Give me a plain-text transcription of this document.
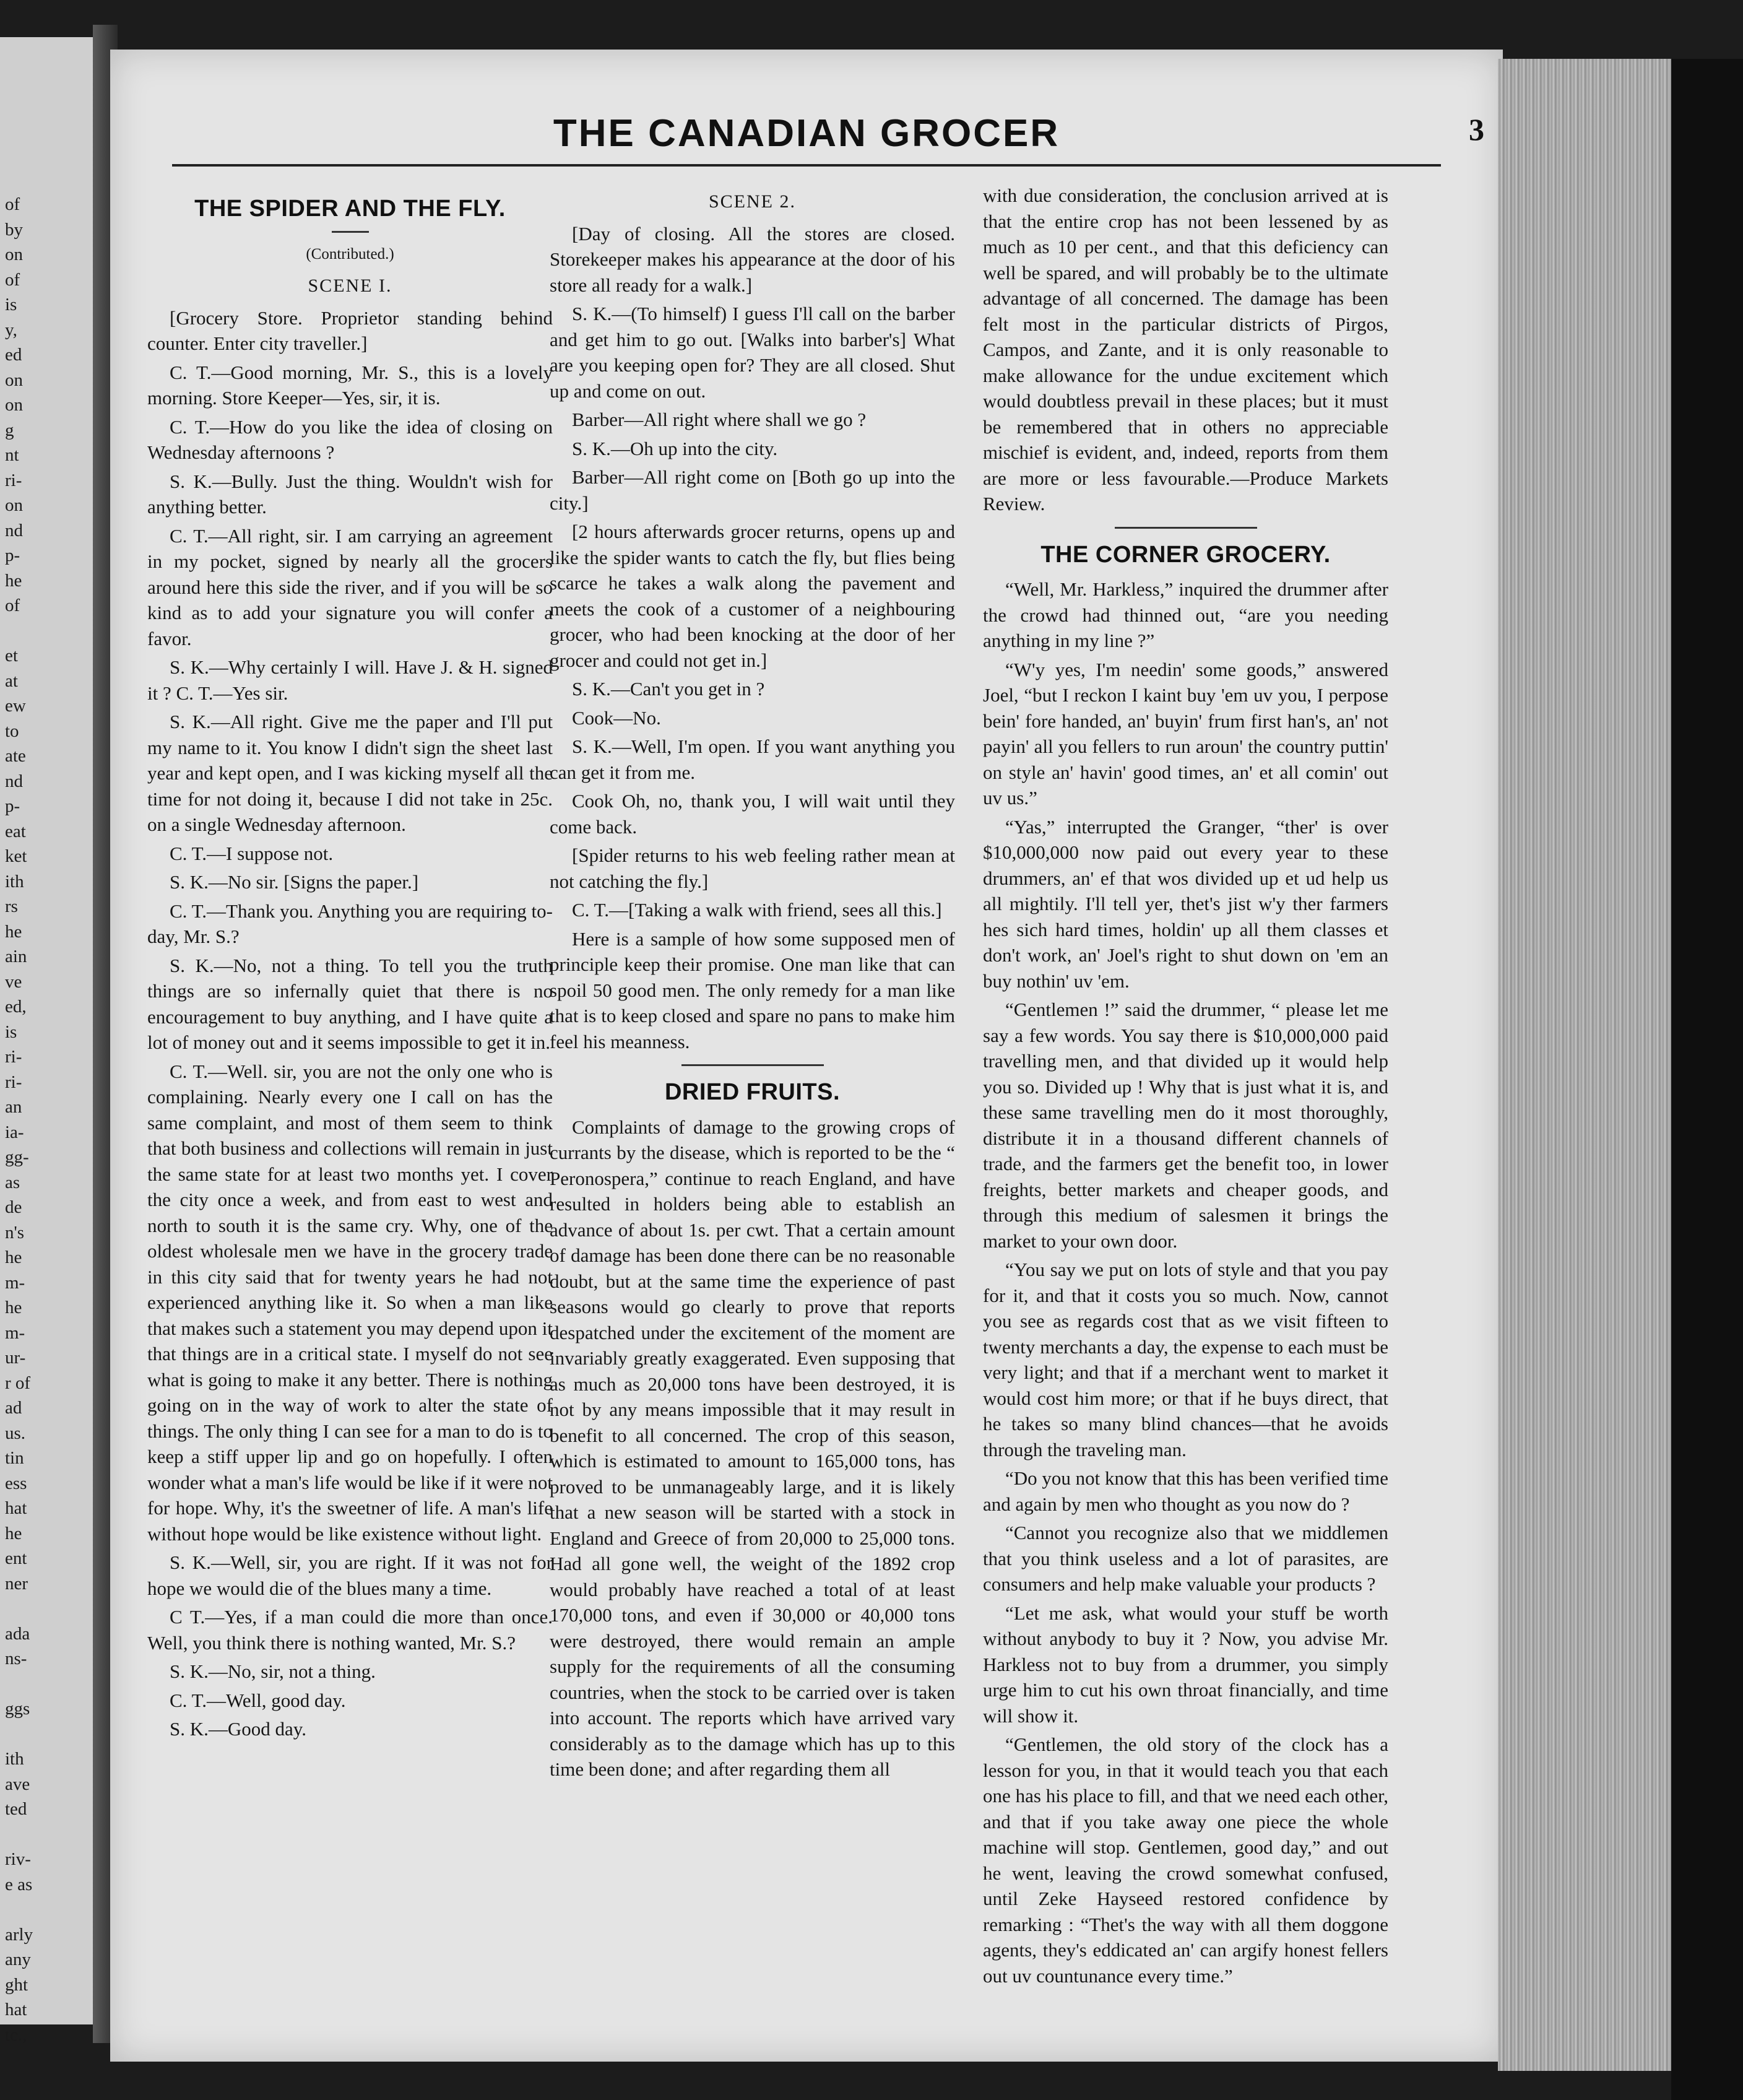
of
by
on
of
is
y,
ed
on
on
g
nt
ri-
on
nd
p-
he
of
et
at
ew
to
ate
nd
p-
eat
ket
ith
rs
he
ain
ve
ed,
is
ri-
ri-
an
ia-
gg-
as
de
n's
he
m-
he
m-
ur-
r of
ad
us.
tin
ess
hat
he
ent
ner
ada
ns-
ggs
ith
ave
ted
riv-
e as
arly
any
ght
hat
tc.,
THE CANADIAN GROCER	3
THE SPIDER AND THE FLY.

(Contributed.)

SCENE I.

[Grocery Store. Proprietor standing behind counter. Enter city traveller.]

C. T.—Good morning, Mr. S., this is a lovely morning. Store Keeper—Yes, sir, it is.

C. T.—How do you like the idea of closing on Wednesday afternoons ?

S. K.—Bully. Just the thing. Wouldn't wish for anything better.

C. T.—All right, sir. I am carrying an agreement in my pocket, signed by nearly all the grocers around here this side the river, and if you will be so kind as to add your signature you will confer a favor.

S. K.—Why certainly I will. Have J. & H. signed it ? C. T.—Yes sir.

S. K.—All right. Give me the paper and I'll put my name to it. You know I didn't sign the sheet last year and kept open, and I was kicking myself all the time for not doing it, because I did not take in 25c. on a single Wednesday afternoon.

C. T.—I suppose not.

S. K.—No sir. [Signs the paper.]

C. T.—Thank you. Anything you are requiring to-day, Mr. S.?

S. K.—No, not a thing. To tell you the truth things are so infernally quiet that there is no encouragement to buy anything, and I have quite a lot of money out and it seems impossible to get it in.

C. T.—Well. sir, you are not the only one who is complaining. Nearly every one I call on has the same complaint, and most of them seem to think that both business and collections will remain in just the same state for at least two months yet. I cover the city once a week, and from east to west and north to south it is the same cry. Why, one of the oldest wholesale men we have in the grocery trade in this city said that for twenty years he had not experienced anything like it. So when a man like that makes such a statement you may depend upon it that things are in a critical state. I myself do not see what is going to make it any better. There is nothing going on in the way of work to alter the state of things. The only thing I can see for a man to do is to keep a stiff upper lip and go on hopefully. I often wonder what a man's life would be like if it were not for hope. Why, it's the sweetner of life. A man's life without hope would be like existence without light.

S. K.—Well, sir, you are right. If it was not for hope we would die of the blues many a time.

C T.—Yes, if a man could die more than once. Well, you think there is nothing wanted, Mr. S.?

S. K.—No, sir, not a thing.

C. T.—Well, good day.

S. K.—Good day.

SCENE 2.

[Day of closing. All the stores are closed. Storekeeper makes his appearance at the door of his store all ready for a walk.]

S. K.—(To himself) I guess I'll call on the barber and get him to go out. [Walks into barber's] What are you keeping open for? They are all closed. Shut up and come on out.

Barber—All right where shall we go ?

S. K.—Oh up into the city.

Barber—All right come on [Both go up into the city.]

[2 hours afterwards grocer returns, opens up and like the spider wants to catch the fly, but flies being scarce he takes a walk along the pavement and meets the cook of a customer of a neighbouring grocer, who had been knocking at the door of her grocer and could not get in.]

S. K.—Can't you get in ?

Cook—No.

S. K.—Well, I'm open. If you want anything you can get it from me.

Cook Oh, no, thank you, I will wait until they come back.

[Spider returns to his web feeling rather mean at not catching the fly.]

C. T.—[Taking a walk with friend, sees all this.]

Here is a sample of how some supposed men of principle keep their promise. One man like that can spoil 50 good men. The only remedy for a man like that is to keep closed and spare no pans to make him feel his meanness.

DRIED FRUITS.

Complaints of damage to the growing crops of currants by the disease, which is reported to be the “ Peronospera,” continue to reach England, and have resulted in holders being able to establish an advance of about 1s. per cwt. That a certain amount of damage has been done there can be no reasonable doubt, but at the same time the experience of past seasons would go clearly to prove that reports despatched under the excitement of the moment are invariably greatly exaggerated. Even supposing that as much as 20,000 tons have been destroyed, it is not by any means impossible that it may result in benefit to all concerned. The crop of this season, which is estimated to amount to 165,000 tons, has proved to be unmanageably large, and it is likely that a new season will be started with a stock in England and Greece of from 20,000 to 25,000 tons. Had all gone well, the weight of the 1892 crop would probably have reached a total of at least 170,000 tons, and even if 30,000 or 40,000 tons were destroyed, there would remain an ample supply for the requirements of all the consuming countries, when the stock to be carried over is taken into account. The reports which have arrived vary considerably as to the damage which has up to this time been done; and after regarding them all

with due consideration, the conclusion arrived at is that the entire crop has not been lessened by as much as 10 per cent., and that this deficiency can well be spared, and will probably be to the ultimate advantage of all concerned. The damage has been felt most in the particular districts of Pirgos, Campos, and Zante, and it is only reasonable to make allowance for the undue excitement which would doubtless prevail in these places; but it must be remembered that in others no appreciable mischief is evident, and, indeed, reports from them are more or less favourable.—Produce Markets Review.

THE CORNER GROCERY.

“Well, Mr. Harkless,” inquired the drummer after the crowd had thinned out, “are you needing anything in my line ?”

“W'y yes, I'm needin' some goods,” answered Joel, “but I reckon I kaint buy 'em uv you, I perpose bein' fore handed, an' buyin' frum first han's, an' not payin' all you fellers to run aroun' the country puttin' on style an' havin' good times, an' et all comin' out uv us.”

“Yas,” interrupted the Granger, “ther' is over $10,000,000 now paid out every year to these drummers, an' ef that wos divided up et ud help us all mightily. I'll tell yer, thet's jist w'y ther farmers hes sich hard times, holdin' up all them classes et don't work, an' Joel's right to shut down on 'em an buy nothin' uv 'em.

“Gentlemen !” said the drummer, “ please let me say a few words. You say there is $10,000,000 paid travelling men, and that divided up it would help you so. Divided up ! Why that is just what it is, and these same travelling men do it most thoroughly, distribute it in a thousand different channels of trade, and the farmers get the benefit too, in lower freights, better markets and cheaper goods, and through this medium of salesmen it brings the market to your own door.

“You say we put on lots of style and that you pay for it, and that it costs you so much. Now, cannot you see as regards cost that as we visit fifteen to twenty merchants a day, the expense to each must be very light; and that if a merchant went to market it would cost him more; or that if he buys direct, that he takes so many blind chances—that he avoids through the traveling man.

“Do you not know that this has been verified time and again by men who thought as you now do ?

“Cannot you recognize also that we middlemen that you think useless and a lot of parasites, are consumers and help make valuable your products ?

“Let me ask, what would your stuff be worth without anybody to buy it ? Now, you advise Mr. Harkless not to buy from a drummer, you simply urge him to cut his own throat financially, and time will show it.

“Gentlemen, the old story of the clock has a lesson for you, in that it would teach you that each one has his place to fill, and that we need each other, and that if you take away one piece the whole machine will stop. Gentlemen, good day,” and out he went, leaving the crowd somewhat confused, until Zeke Hayseed restored confidence by remarking : “Thet's the way with all them doggone agents, they's eddicated an' can argify honest fellers out uv countunance every time.”
